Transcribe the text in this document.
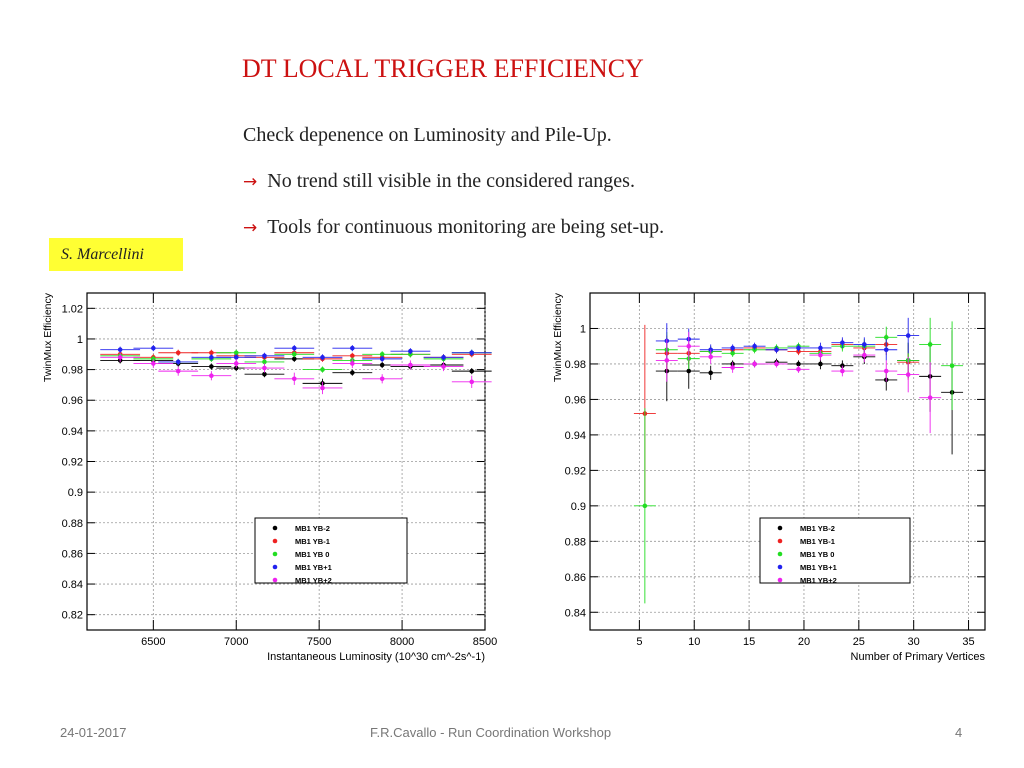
DT LOCAL TRIGGER EFFICIENCY
Check depenence on Luminosity and Pile-Up.
→ No trend still visible in the considered ranges.
→ Tools for continuous monitoring are being set-up.
S. Marcellini
0.82
0.84
0.86
0.88
0.9
0.92
0.94
0.96
0.98
1
1.02
6500	7000	7500	8000	8500
TwinMux Efficiency
Instantaneous Luminosity (10^30 cm^-2s^-1)
MB1 YB-2
MB1 YB-1
MB1 YB 0
MB1 YB+1
MB1 YB+2
0.84
0.86
0.88
0.9
0.92
0.94
0.96
0.98
1
5	10	15	20	25	30	35
TwinMux Efficiency
Number of Primary Vertices
MB1 YB-2
MB1 YB-1
MB1 YB 0
MB1 YB+1
MB1 YB+2
24-01-2017	F.R.Cavallo - Run Coordination Workshop	4
